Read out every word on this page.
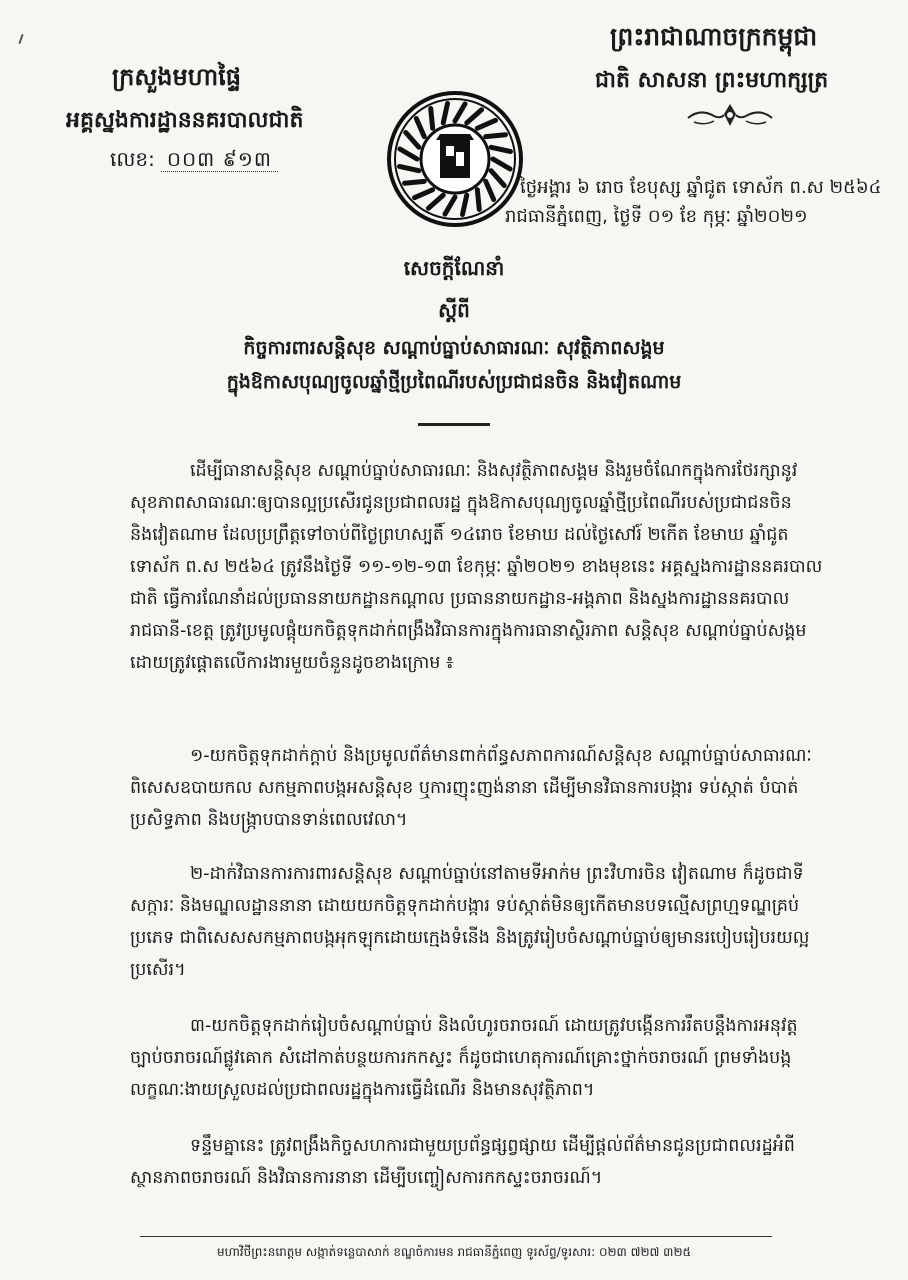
ព្រះរាជាណាចក្រកម្ពុជា
ជាតិ សាសនា ព្រះមហាក្សត្រ
ក្រសួងមហាផ្ទៃ
អគ្គស្នងការដ្ឋាននគរបាលជាតិ
លេខ: ០០៣ ៩១៣
ថ្ងៃអង្គារ ៦ រោច ខែបុស្ស ឆ្នាំជូត ទោស័ក ព.ស ២៥៦៤
រាជធានីភ្នំពេញ, ថ្ងៃទី ០១ ខែ កុម្ភៈ ឆ្នាំ២០២១
សេចក្តីណែនាំ
ស្តីពី
កិច្ចការពារសន្តិសុខ សណ្តាប់ធ្នាប់សាធារណៈ សុវត្ថិភាពសង្គម
ក្នុងឱកាសបុណ្យចូលឆ្នាំថ្មីប្រពៃណីរបស់ប្រជាជនចិន និងវៀតណាម
ដើម្បីធានាសន្តិសុខ សណ្តាប់ធ្នាប់សាធារណៈ និងសុវត្ថិភាពសង្គម និងរួមចំណែកក្នុងការថែរក្សានូវសុខភាពសាធារណៈឲ្យបានល្អប្រសើរជូនប្រជាពលរដ្ឋ ក្នុងឱកាសបុណ្យចូលឆ្នាំថ្មីប្រពៃណីរបស់ប្រជាជនចិន និងវៀតណាម ដែលប្រព្រឹត្តទៅចាប់ពីថ្ងៃព្រហស្បតិ៍ ១៤រោច ខែមាឃ ដល់ថ្ងៃសៅរ៍ ២កើត ខែមាឃ ឆ្នាំជូត ទោស័ក ព.ស ២៥៦៤ ត្រូវនឹងថ្ងៃទី ១១-១២-១៣ ខែកុម្ភៈ ឆ្នាំ២០២១ ខាងមុខនេះ អគ្គស្នងការដ្ឋាននគរបាលជាតិ ធ្វើការណែនាំដល់ប្រធាននាយកដ្ឋានកណ្តាល ប្រធាននាយកដ្ឋាន-អង្គភាព និងស្នងការដ្ឋាននគរបាលរាជធានី-ខេត្ត ត្រូវប្រមូលផ្តុំយកចិត្តទុកដាក់ពង្រឹងវិធានការក្នុងការធានាស្ថិរភាព សន្តិសុខ សណ្តាប់ធ្នាប់សង្គម ដោយត្រូវផ្តោតលើការងារមួយចំនួនដូចខាងក្រោម ៖
១-យកចិត្តទុកដាក់ក្តាប់ និងប្រមូលព័ត៌មានពាក់ព័ន្ធសភាពការណ៍សន្តិសុខ សណ្តាប់ធ្នាប់សាធារណៈ ពិសេសឧបាយកល សកម្មភាពបង្កអសន្តិសុខ ឬការញុះញង់នានា ដើម្បីមានវិធានការបង្ការ ទប់ស្កាត់ បំបាត់ប្រសិទ្ធភាព និងបង្ក្រាបបានទាន់ពេលវេលា។
២-ដាក់វិធានការការពារសន្តិសុខ សណ្តាប់ធ្នាប់នៅតាមទីអាក់ម ព្រះវិហារចិន វៀតណាម ក៏ដូចជាទីសក្ការៈ និងមណ្ឌលដ្ឋាននានា ដោយយកចិត្តទុកដាក់បង្ការ ទប់ស្កាត់មិនឲ្យកើតមានបទល្មើសព្រហ្មទណ្ឌគ្រប់ប្រភេទ ជាពិសេសសកម្មភាពបង្កអុកឡុកដោយក្មេងទំនើង និងត្រូវរៀបចំសណ្តាប់ធ្នាប់ឲ្យមានរបៀបរៀបរយល្អប្រសើរ។
៣-យកចិត្តទុកដាក់រៀបចំសណ្តាប់ធ្នាប់ និងលំហូរចរាចរណ៍ ដោយត្រូវបង្កើនការរឹតបន្តឹងការអនុវត្តច្បាប់ចរាចរណ៍ផ្លូវគោក សំដៅកាត់បន្ថយការកកស្ទះ ក៏ដូចជាហេតុការណ៍គ្រោះថ្នាក់ចរាចរណ៍ ព្រមទាំងបង្កលក្ខណៈងាយស្រួលដល់ប្រជាពលរដ្ឋក្នុងការធ្វើដំណើរ និងមានសុវត្ថិភាព។
ទន្ទឹមគ្នានេះ ត្រូវពង្រឹងកិច្ចសហការជាមួយប្រព័ន្ធផ្សព្វផ្សាយ ដើម្បីផ្តល់ព័ត៌មានជូនប្រជាពលរដ្ឋអំពីស្ថានភាពចរាចរណ៍ និងវិធានការនានា ដើម្បីបញ្ចៀសការកកស្ទះចរាចរណ៍។
មហាវិថីព្រះនរោត្តម សង្កាត់ទន្លេបាសាក់ ខណ្ឌចំការមន រាជធានីភ្នំពេញ ទូរស័ព្ទ/ទូរសារ: ០២៣ ៧២៧ ៣២៥
